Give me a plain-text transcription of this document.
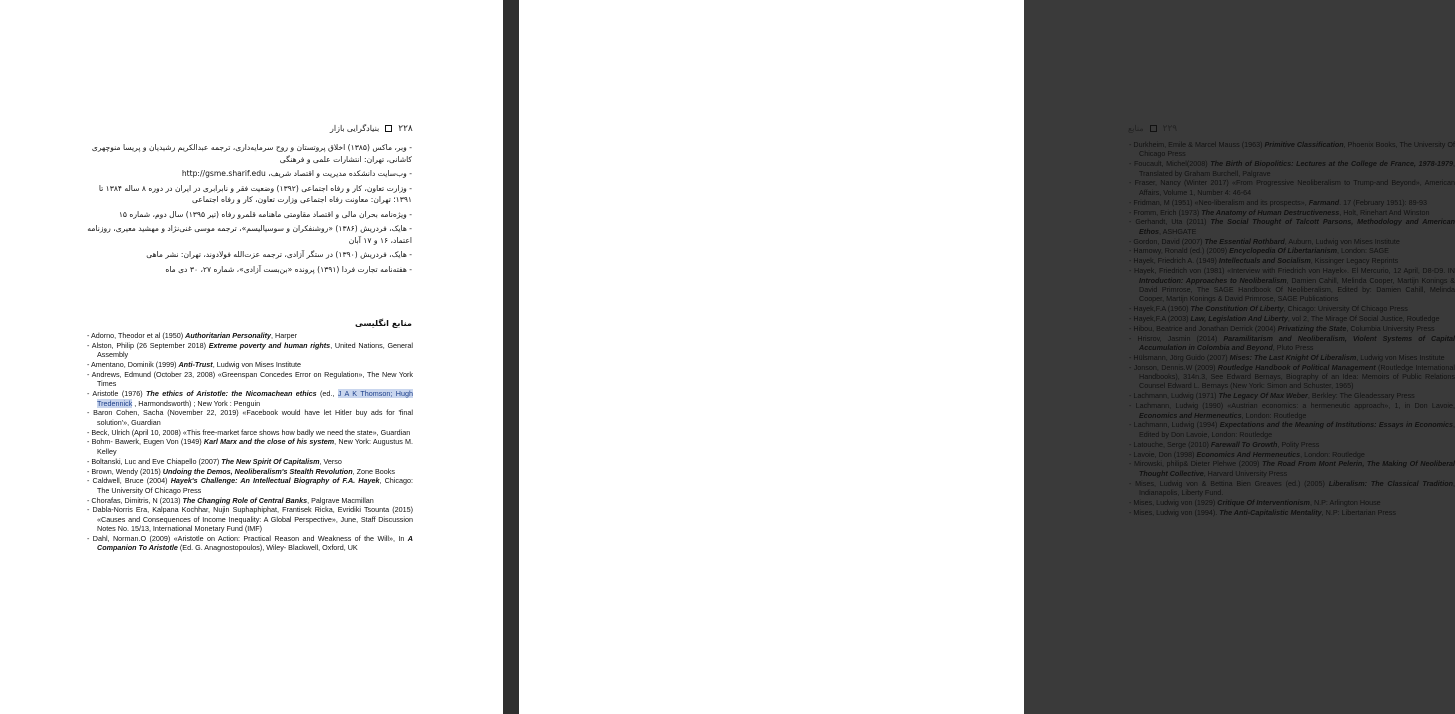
۲۲۸
بنیادگرایی بازار

- وبر، ماکس (۱۳۸۵) اخلاق پروتستان و روح سرمایه‌داری، ترجمه عبدالکریم رشیدیان و پریسا منوچهری کاشانی، تهران: انتشارات علمی و فرهنگی

- وب‌سایت دانشکده مدیریت و اقتصاد شریف، http://gsme.sharif.edu

- وزارت تعاون، کار و رفاه اجتماعی (۱۳۹۲) وضعیت فقر و نابرابری در ایران در دوره ۸ ساله ۱۳۸۴ تا ۱۳۹۱؛ تهران: معاونت رفاه اجتماعی وزارت تعاون، کار و رفاه اجتماعی

- ویژه‌نامه بحران مالی و اقتصاد مقاومتی ماهنامه قلمرو رفاه (تیر ۱۳۹۵) سال دوم، شماره ۱۵

- هایک، فردریش (۱۳۸۶) «روشنفکران و سوسیالیسم»، ترجمه موسی غنی‌نژاد و مهشید معیری، روزنامه اعتماد، ۱۶ و ۱۷ آبان

- هایک، فردریش (۱۳۹۰) در ستگر آزادی، ترجمه عزت‌الله فولادوند، تهران: نشر ماهی

- هفته‌نامه تجارت فردا (۱۳۹۱) پرونده «بن‌بست آزادی»، شماره ۲۷، ۳۰ دی ماه

منابع انگلیسی
- Adorno, Theodor et al (1950) Authoritarian Personality, Harper
- Alston, Philip (26 September 2018) Extreme poverty and human rights, United Nations, General Assembly
- Amentano, Dominik (1999) Anti-Trust, Ludwig von Mises Institute
- Andrews, Edmund (October 23, 2008) «Greenspan Concedes Error on Regulation», The New York Times
- Aristotle (1976) The ethics of Aristotle: the Nicomachean ethics (ed., J A K Thomson; Hugh Tredennick , Harmondsworth) ; New York : Penguin
- Baron Cohen, Sacha (November 22, 2019) «Facebook would have let Hitler buy ads for 'final solution'», Guardian
- Beck, Ulrich (April 10, 2008) «This free-market farce shows how badly we need the state», Guardian
- Bohm- Bawerk, Eugen Von (1949) Karl Marx and the close of his system, New York: Augustus M. Kelley
- Boltanski, Luc and Eve Chiapello (2007) The New Spirit Of Capitalism, Verso
- Brown, Wendy (2015) Undoing the Demos, Neoliberalism's Stealth Revolution, Zone Books
- Caldwell, Bruce (2004) Hayek's Challenge: An Intellectual Biography of F.A. Hayek, Chicago: The University Of Chicago Press
- Chorafas, Dimitris, N (2013) The Changing Role of Central Banks, Palgrave Macmillan
- Dabla-Norris Era, Kalpana Kochhar, Nujin Suphaphiphat, Frantisek Ricka, Evridiki Tsounta (2015) «Causes and Consequences of Income Inequality: A Global Perspective», June, Staff Discussion Notes No. 15/13, International Monetary Fund (IMF)
- Dahl, Norman.O (2009) «Aristotle on Action: Practical Reason and Weakness of the Will», In A Companion To Aristotle (Ed. G. Anagnostopoulos), Wiley- Blackwell, Oxford, UK
۲۲۹
منابع
- Durkheim, Emile & Marcel Mauss (1963) Primitive Classification, Phoenix Books, The University Of Chicago Press
- Foucault, Michel(2008) The Birth of Biopolitics: Lectures at the College de France, 1978-1979, Translated by Graham Burchell, Palgrave
- Fraser, Nancy (Winter 2017) «From Progressive Neoliberalism to Trump-and Beyond», American Affairs, Volume 1, Number 4: 46-64
- Fridman, M (1951) «Neo-liberalism and its prospects», Farmand. 17 (February 1951): 89-93
- Fromm, Erich (1973) The Anatomy of Human Destructiveness, Holt, Rinehart And Winston
- Gerhandt, Uta (2011) The Social Thought of Talcott Parsons, Methodology and American Ethos, ASHGATE
- Gordon, David (2007) The Essential Rothbard, Auburn, Ludwig von Mises Institute
- Hamowy, Ronald (ed.) (2009) Encyclopedia Of Libertarianism, London: SAGE
- Hayek, Friedrich A. (1949) Intellectuals and Socialism, Kissinger Legacy Reprints
- Hayek, Friedrich von (1981) «Interview with Friedrich von Hayek». El Mercurio, 12 April, D8-D9. IN Introduction: Approaches to Neoliberalism, Damien Cahill, Melinda Cooper, Martijn Konings & David Primrose, The SAGE Handbook Of Neoliberalism, Edited by: Damien Cahill, Melinda Cooper, Martijn Konings & David Primrose, SAGE Publications
- Hayek,F.A (1960) The Constitution Of Liberty, Chicago: University Of Chicago Press
- Hayek,F.A (2003) Law, Legislation And Liberty, vol 2, The Mirage Of Social Justice, Routledge
- Hibou, Beatrice and Jonathan Derrick (2004) Privatizing the State, Columbia University Press
- Hrisrov, Jasmin (2014) Paramilitarism and Neoliberalism, Violent Systems of Capital Accumulation in Colombia and Beyond, Pluto Press
- Hülsmann, Jörg Guido (2007) Mises: The Last Knight Of Liberalism, Ludwig von Mises Institute
- Jonson, Dennis.W (2009) Routledge Handbook of Political Management (Routledge International Handbooks), 314n.3, See Edward Bernays, Biography of an Idea: Memoirs of Public Relations Counsel Edward L. Bernays (New York: Simon and Schuster, 1965)
- Lachmann, Ludwig (1971) The Legacy Of Max Weber, Berkley: The Gleadessary Press
- Lachmann, Ludwig (1990) «Austrian economics: a hermeneutic approach», 1, in Don Lavoie, Economics and Hermeneutics, London: Routledge
- Lachmann, Ludwig (1994) Expectations and the Meaning of Institutions: Essays in Economics, Edited by Don Lavoie, London: Routledge
- Latouche, Serge (2010) Farewall To Growth, Polity Press
- Lavoie, Don (1998) Economics And Hermeneutics, London: Routledge
- Mirowski, philip& Dieter Plehwe (2009) The Road From Mont Pelerin, The Making Of Neoliberal Thought Collective, Harvard University Press
- Mises, Ludwig von & Bettina Bien Greaves (ed.) (2005) Liberalism: The Classical Tradition, Indianapolis, Liberty Fund.
- Mises, Ludwig von (1929) Critique Of Interventionism, N.P: Arlington House
- Mises, Ludwig von (1994). The Anti-Capitalistic Mentality, N.P: Libertarian Press
